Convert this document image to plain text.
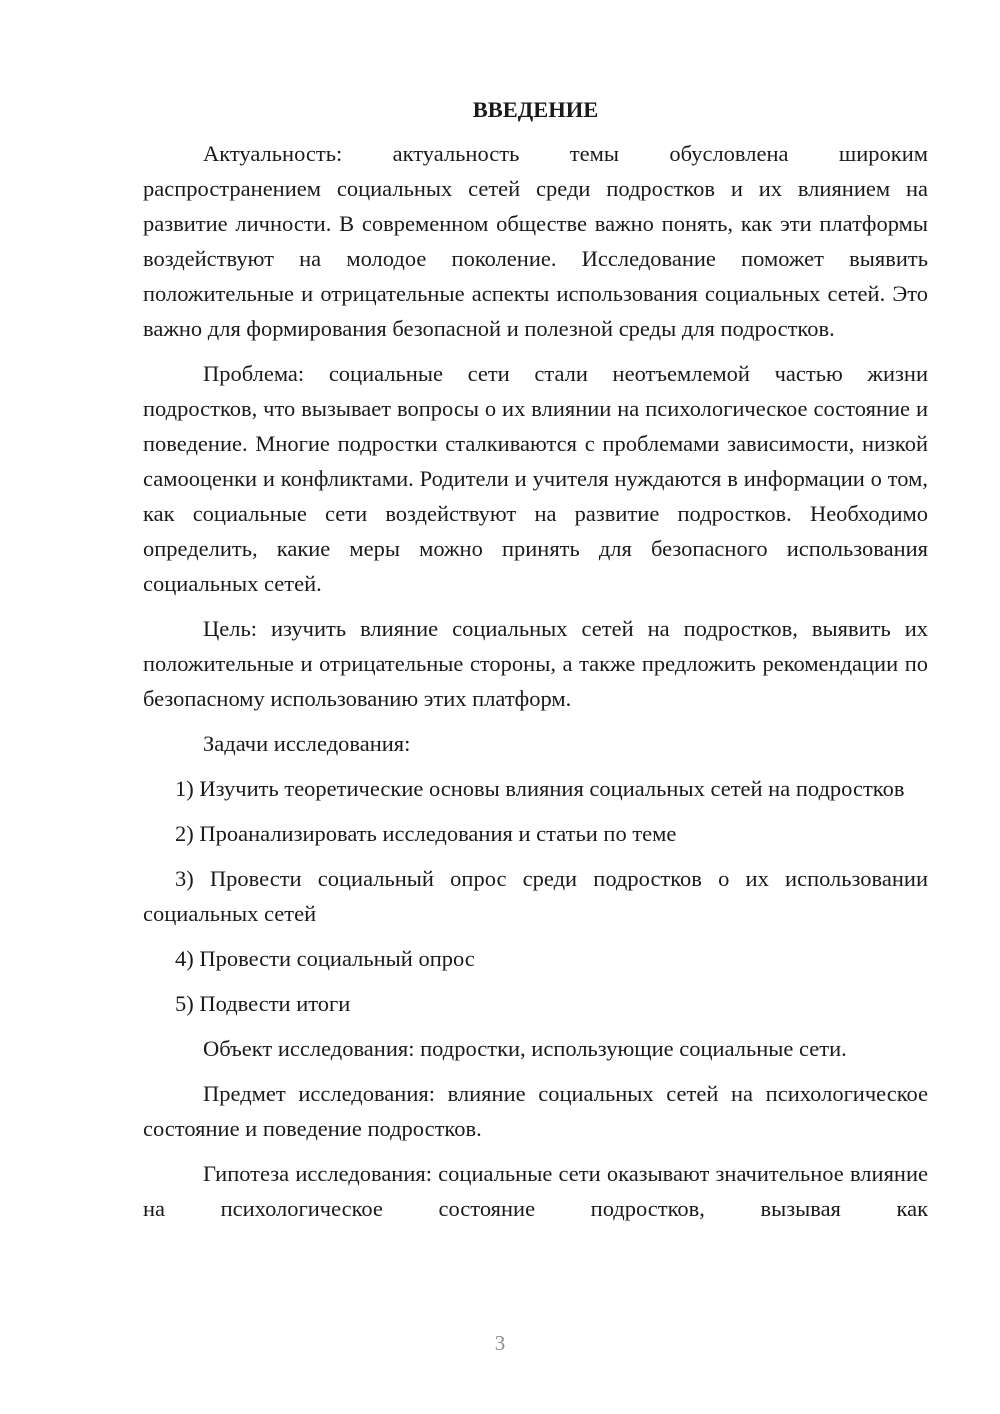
ВВЕДЕНИЕ

Актуальность: актуальность темы обусловлена широким распространением социальных сетей среди подростков и их влиянием на развитие личности. В современном обществе важно понять, как эти платформы воздействуют на молодое поколение. Исследование поможет выявить положительные и отрицательные аспекты использования социальных сетей. Это важно для формирования безопасной и полезной среды для подростков.

Проблема: социальные сети стали неотъемлемой частью жизни подростков, что вызывает вопросы о их влиянии на психологическое состояние и поведение. Многие подростки сталкиваются с проблемами зависимости, низкой самооценки и конфликтами. Родители и учителя нуждаются в информации о том, как социальные сети воздействуют на развитие подростков. Необходимо определить, какие меры можно принять для безопасного использования социальных сетей.

Цель: изучить влияние социальных сетей на подростков, выявить их положительные и отрицательные стороны, а также предложить рекомендации по безопасному использованию этих платформ.

Задачи исследования:

1) Изучить теоретические основы влияния социальных сетей на подростков

2) Проанализировать исследования и статьи по теме

3) Провести социальный опрос среди подростков о их использовании социальных сетей

4) Провести социальный опрос

5) Подвести итоги

Объект исследования: подростки, использующие социальные сети.

Предмет исследования: влияние социальных сетей на психологическое состояние и поведение подростков.

Гипотеза исследования: социальные сети оказывают значительное влияние на психологическое состояние подростков, вызывая как

3
